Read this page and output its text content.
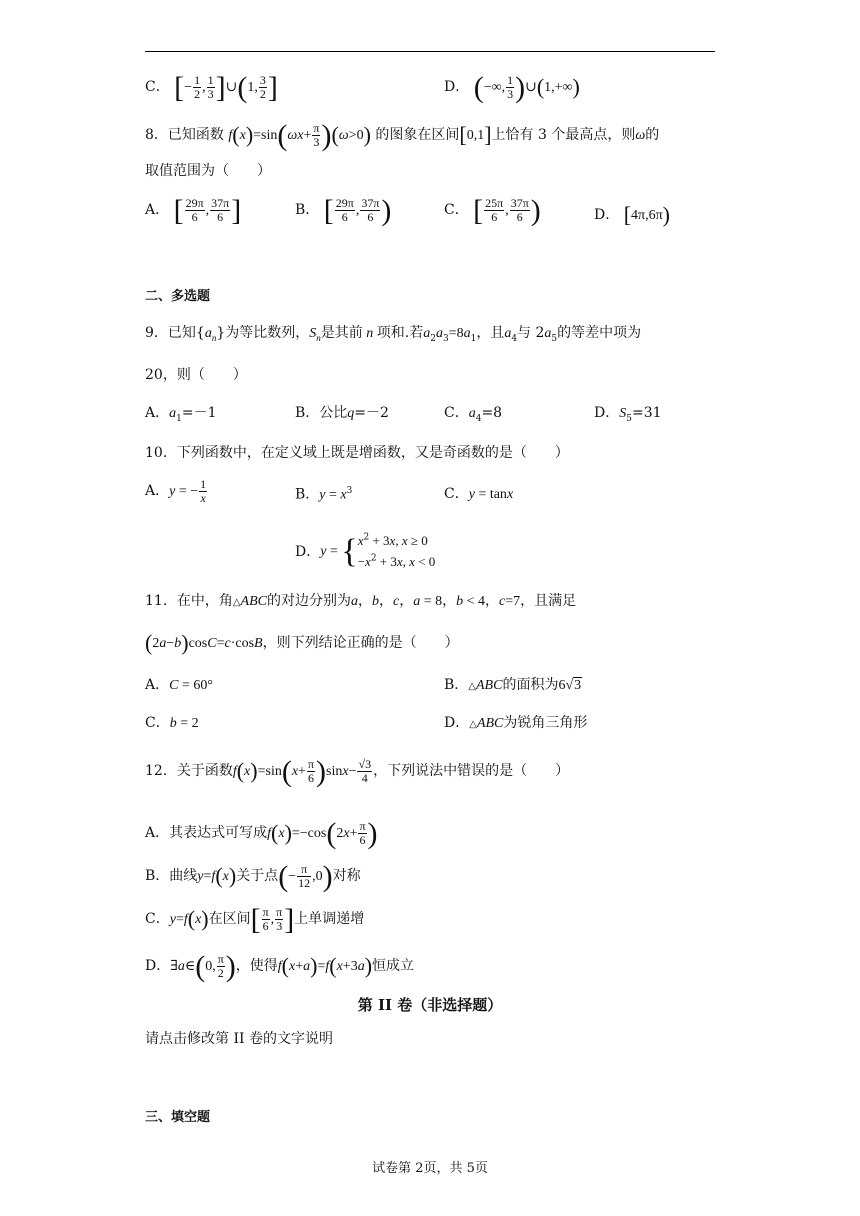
C． [− $\frac{1}{2}$ , $\frac{1}{3}$ ]∪(1, $\frac{3}{2}$ ]	D． (−∞, $\frac{1}{3}$ )∪(1,+∞)
8．已知函数 $f(x)=\sin(\omega x+ \frac{\pi}{3} )(\omega>0)$ 的图象在区间[0,1]上恰有 3 个最高点，则ω的
取值范围为（　　）
A． [ $\frac{29\pi}{6}$ , $\frac{37\pi}{6}$ ]	B． [ $\frac{29\pi}{6}$ , $\frac{37\pi}{6}$ )	C． [ $\frac{25\pi}{6}$ , $\frac{37\pi}{6}$ )	D． [4π,6π)
二、多选题
9．已知$\{a_n\}$为等比数列，$S_n$是其前 n 项和.若$a_2a_3=8a_1$，且$a_4$与 $2a_5$的等差中项为
20，则（　　）
A．$a_1=-1$	B．公比q=－2	C．$a_4=8$	D．$S_5=31$
10．下列函数中，在定义域上既是增函数，又是奇函数的是（　　）
A．y = − $\frac{1}{x}$	B．$y = x^3$	C．y = tanx
D．y = { $x^2 + 3x$, x ≥ 0
$-x^2 + 3x$, x < 0
11．在中，角△ABC的对边分别为a，b，c，a = 8，b < 4，c=7，且满足
(2a−b)cosC=c·cosB，则下列结论正确的是（　　）
A．C = 60°	B．△ABC的面积为6√3
C．b = 2	D．△ABC为锐角三角形
12．关于函数$f(x)=\sin(x+ \frac{\pi}{6} )\sin x- \frac{√3}{4}$ ，下列说法中错误的是（　　）
A．其表达式可写成$f(x)=-\cos(2x+ \frac{\pi}{6}$ )
B．曲线y=f(x)关于点(− $\frac{\pi}{12} ,0$)对称
C．y=f(x)在区间[ $\frac{\pi}{6}$ , $\frac{\pi}{3}$ ]上单调递增
D．∃a∈(0, $\frac{\pi}{2}$ )，使得f(x+a)=f(x+3a)恒成立
第 II 卷（非选择题）
请点击修改第 II 卷的文字说明
三、填空题
试卷第 2页，共 5页
